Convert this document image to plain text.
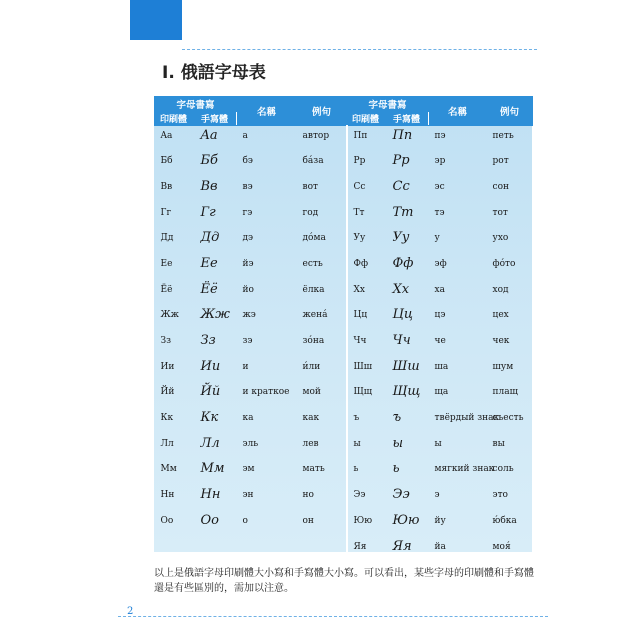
Ⅰ. 俄語字母表
字母書寫		名稱	例句	字母書寫		名稱	例句
印刷體	手寫體			印刷體	手寫體		
Aa	Aa	a	автор	Пп	Пп	пэ	петь
Бб	Бб	бэ	ба́за	Рр	Рр	эр	рот
Вв	Вв	вэ	вот	Сс	Сс	эс	сон
Гг	Гг	гэ	год	Тт	Тт	тэ	тот
Дд	Дд	дэ	до́ма	Уу	Уу	у	ухо
Ее	Ее	йэ	есть	Фф	Фф	эф	фо́то
Ёё	Ёё	йо	ёлка	Хх	Хх	ха	ход
Жж	Жж	жэ	жена́	Цц	Цц	цэ	цех
Зз	Зз	зэ	зо́на	Чч	Чч	че	чек
Ии	Ии	и	и́ли	Шш	Шш	ша	шум
Йй	Йй	и краткое	мой	Щщ	Щщ	ща	плащ
Кк	Кк	ка	как	ъ	ъ	твёрдый знак	съесть
Лл	Лл	эль	лев	ы	ы	ы	вы
Мм	Мм	эм	мать	ь	ь	мягкий знак	соль
Нн	Нн	эн	но	Ээ	Ээ	э	это
Оо	Оо	о	он	Юю	Юю	йу	ю́бка
				Яя	Яя	йа	моя́
以上是俄語字母印刷體大小寫和手寫體大小寫。可以看出，某些字母的印刷體和手寫體還是有些區別的，需加以注意。
2
